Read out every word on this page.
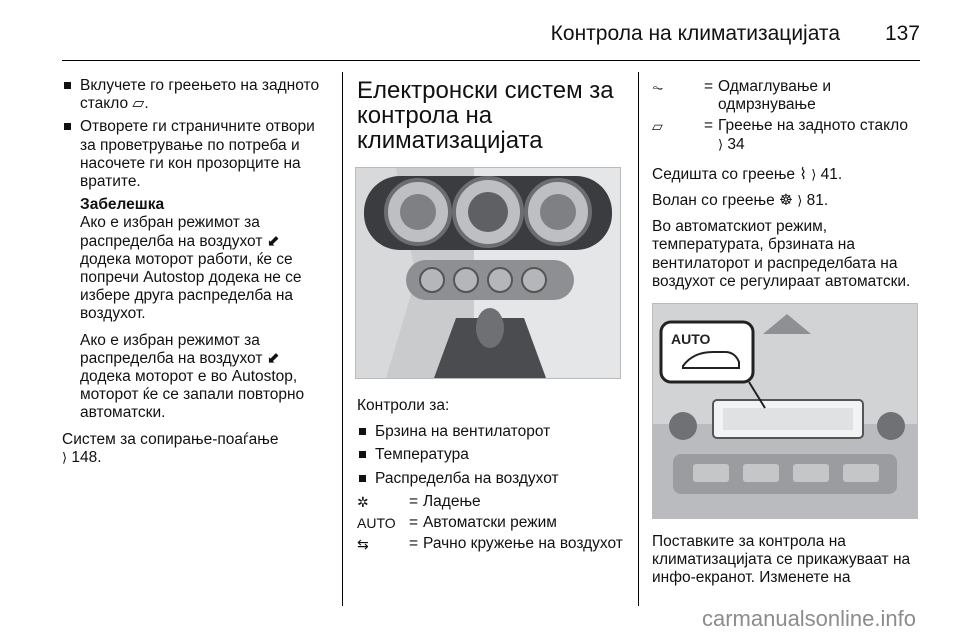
Контрола на климатизацијата 137
Вклучете го греењето на задното стакло ⏥.
Отворете ги страничните отвори за проветрување по потреба и насочете ги кон прозорците на вратите.
Забелешка
Ако е избран режимот за распределба на воздухот ⬋ додека моторот работи, ќе се попречи Autostop додека не се избере друга распределба на воздухот.
Ако е избран режимот за распределба на воздухот ⬋ додека моторот е во Autostop, моторот ќе се запали повторно автоматски.
Систем за сопирање-поаѓање
⟩ 148.
Електронски систем за контрола на климатизацијата
Контроли за:
Брзина на вентилаторот
Температура
Распределба на воздухот
✲	= Ладење
AUTO = Автоматски режим
⇆	= Рачно кружење на воздухот
⏦	= Одмаглување и одмрзнување
⏥	= Греење на задното стакло
⟩ 34
Седишта со греење ⌇ ⟩ 41.
Волан со греење ☸ ⟩ 81.
Во автоматскиот режим, температурата, брзината на вентилаторот и распределбата на воздухот се регулираат автоматски.
AUTO
Поставките за контрола на климатизацијата се прикажуваат на инфо-екранот. Изменете на
carmanualsonline.info
